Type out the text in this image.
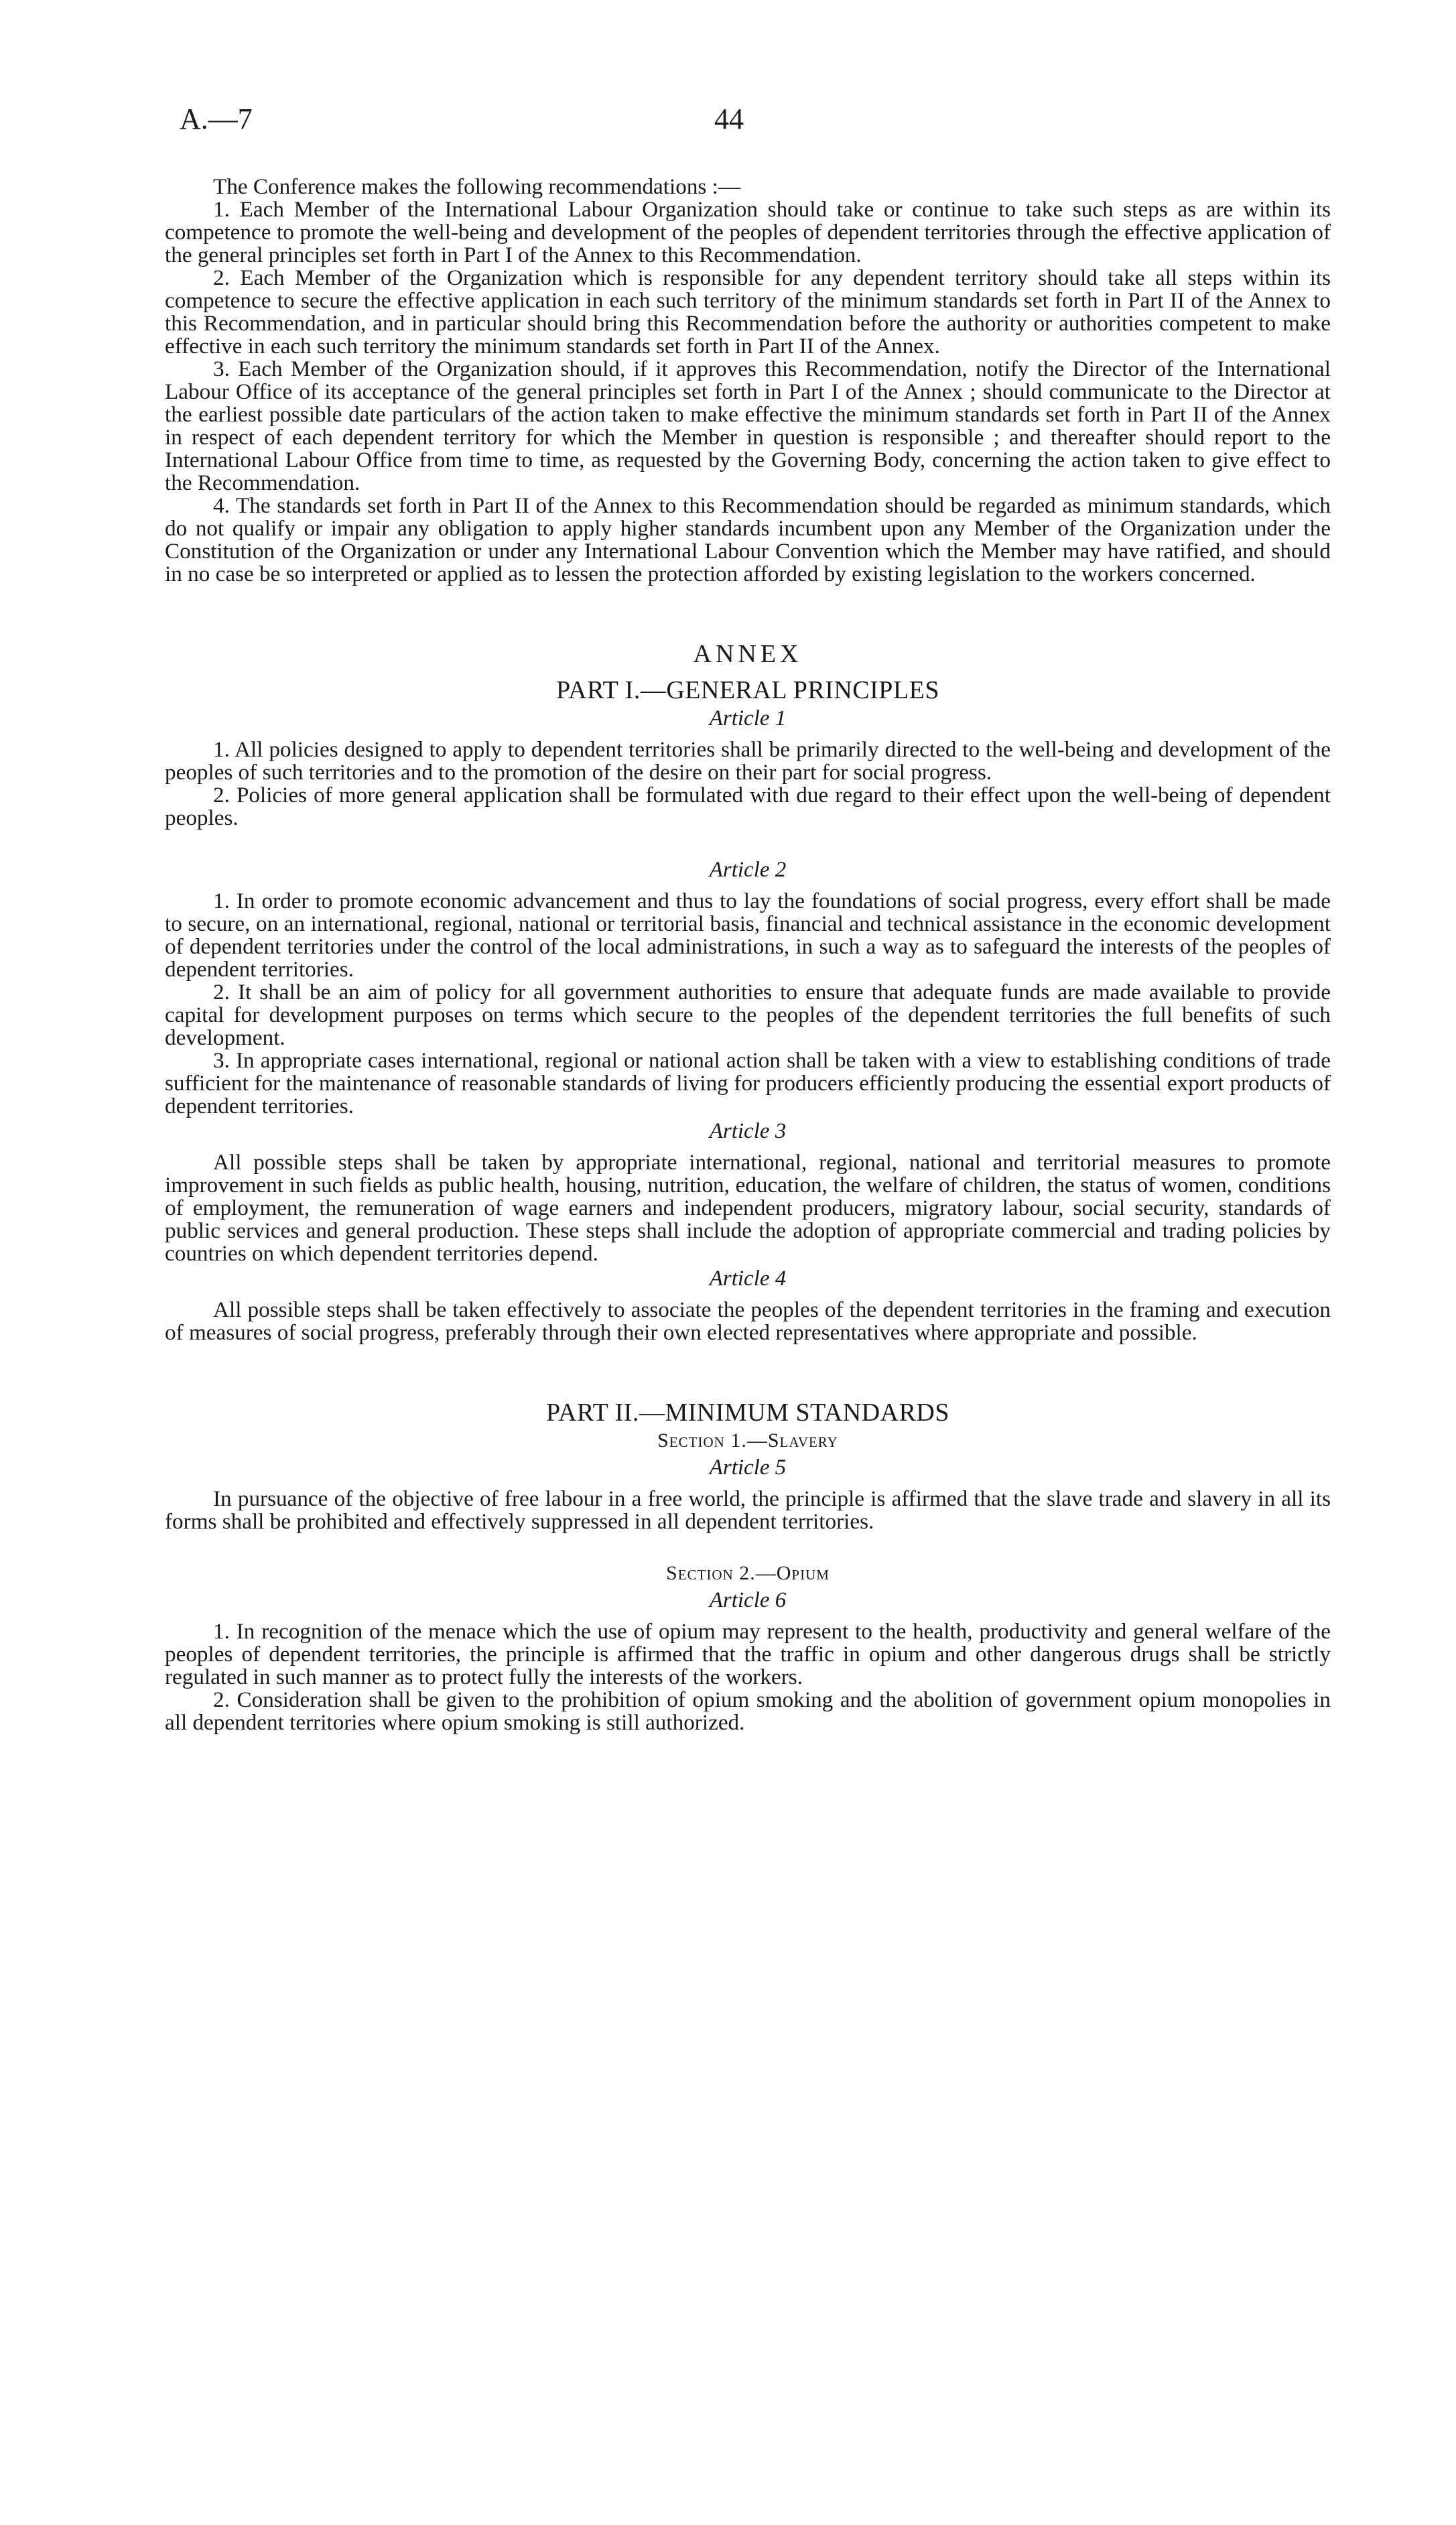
A.—7	44

The Conference makes the following recommendations :—

1. Each Member of the International Labour Organization should take or continue to take such steps as are within its competence to promote the well-being and development of the peoples of dependent territories through the effective application of the general principles set forth in Part I of the Annex to this Recommendation.

2. Each Member of the Organization which is responsible for any dependent territory should take all steps within its competence to secure the effective application in each such territory of the minimum standards set forth in Part II of the Annex to this Recommendation, and in particular should bring this Recommendation before the authority or authorities competent to make effective in each such territory the minimum standards set forth in Part II of the Annex.

3. Each Member of the Organization should, if it approves this Recommendation, notify the Director of the International Labour Office of its acceptance of the general principles set forth in Part I of the Annex ; should communicate to the Director at the earliest possible date particulars of the action taken to make effective the minimum standards set forth in Part II of the Annex in respect of each dependent territory for which the Member in question is responsible ; and thereafter should report to the International Labour Office from time to time, as requested by the Governing Body, concerning the action taken to give effect to the Recommendation.

4. The standards set forth in Part II of the Annex to this Recommendation should be regarded as minimum standards, which do not qualify or impair any obligation to apply higher standards incumbent upon any Member of the Organization under the Constitution of the Organization or under any International Labour Convention which the Member may have ratified, and should in no case be so interpreted or applied as to lessen the protection afforded by existing legislation to the workers concerned.

ANNEX

PART I.—GENERAL PRINCIPLES

Article 1

1. All policies designed to apply to dependent territories shall be primarily directed to the well-being and development of the peoples of such territories and to the promotion of the desire on their part for social progress.

2. Policies of more general application shall be formulated with due regard to their effect upon the well-being of dependent peoples.

Article 2

1. In order to promote economic advancement and thus to lay the foundations of social progress, every effort shall be made to secure, on an international, regional, national or territorial basis, financial and technical assistance in the economic development of dependent territories under the control of the local administrations, in such a way as to safeguard the interests of the peoples of dependent territories.

2. It shall be an aim of policy for all government authorities to ensure that adequate funds are made available to provide capital for development purposes on terms which secure to the peoples of the dependent territories the full benefits of such development.

3. In appropriate cases international, regional or national action shall be taken with a view to establishing conditions of trade sufficient for the maintenance of reasonable standards of living for producers efficiently producing the essential export products of dependent territories.

Article 3

All possible steps shall be taken by appropriate international, regional, national and territorial measures to promote improvement in such fields as public health, housing, nutrition, education, the welfare of children, the status of women, conditions of employment, the remuneration of wage earners and independent producers, migratory labour, social security, standards of public services and general production. These steps shall include the adoption of appropriate commercial and trading policies by countries on which dependent territories depend.

Article 4

All possible steps shall be taken effectively to associate the peoples of the dependent territories in the framing and execution of measures of social progress, preferably through their own elected representatives where appropriate and possible.

PART II.—MINIMUM STANDARDS

Section 1.—Slavery

Article 5

In pursuance of the objective of free labour in a free world, the principle is affirmed that the slave trade and slavery in all its forms shall be prohibited and effectively suppressed in all dependent territories.

Section 2.—Opium

Article 6

1. In recognition of the menace which the use of opium may represent to the health, productivity and general welfare of the peoples of dependent territories, the principle is affirmed that the traffic in opium and other dangerous drugs shall be strictly regulated in such manner as to protect fully the interests of the workers.

2. Consideration shall be given to the prohibition of opium smoking and the abolition of government opium monopolies in all dependent territories where opium smoking is still authorized.
